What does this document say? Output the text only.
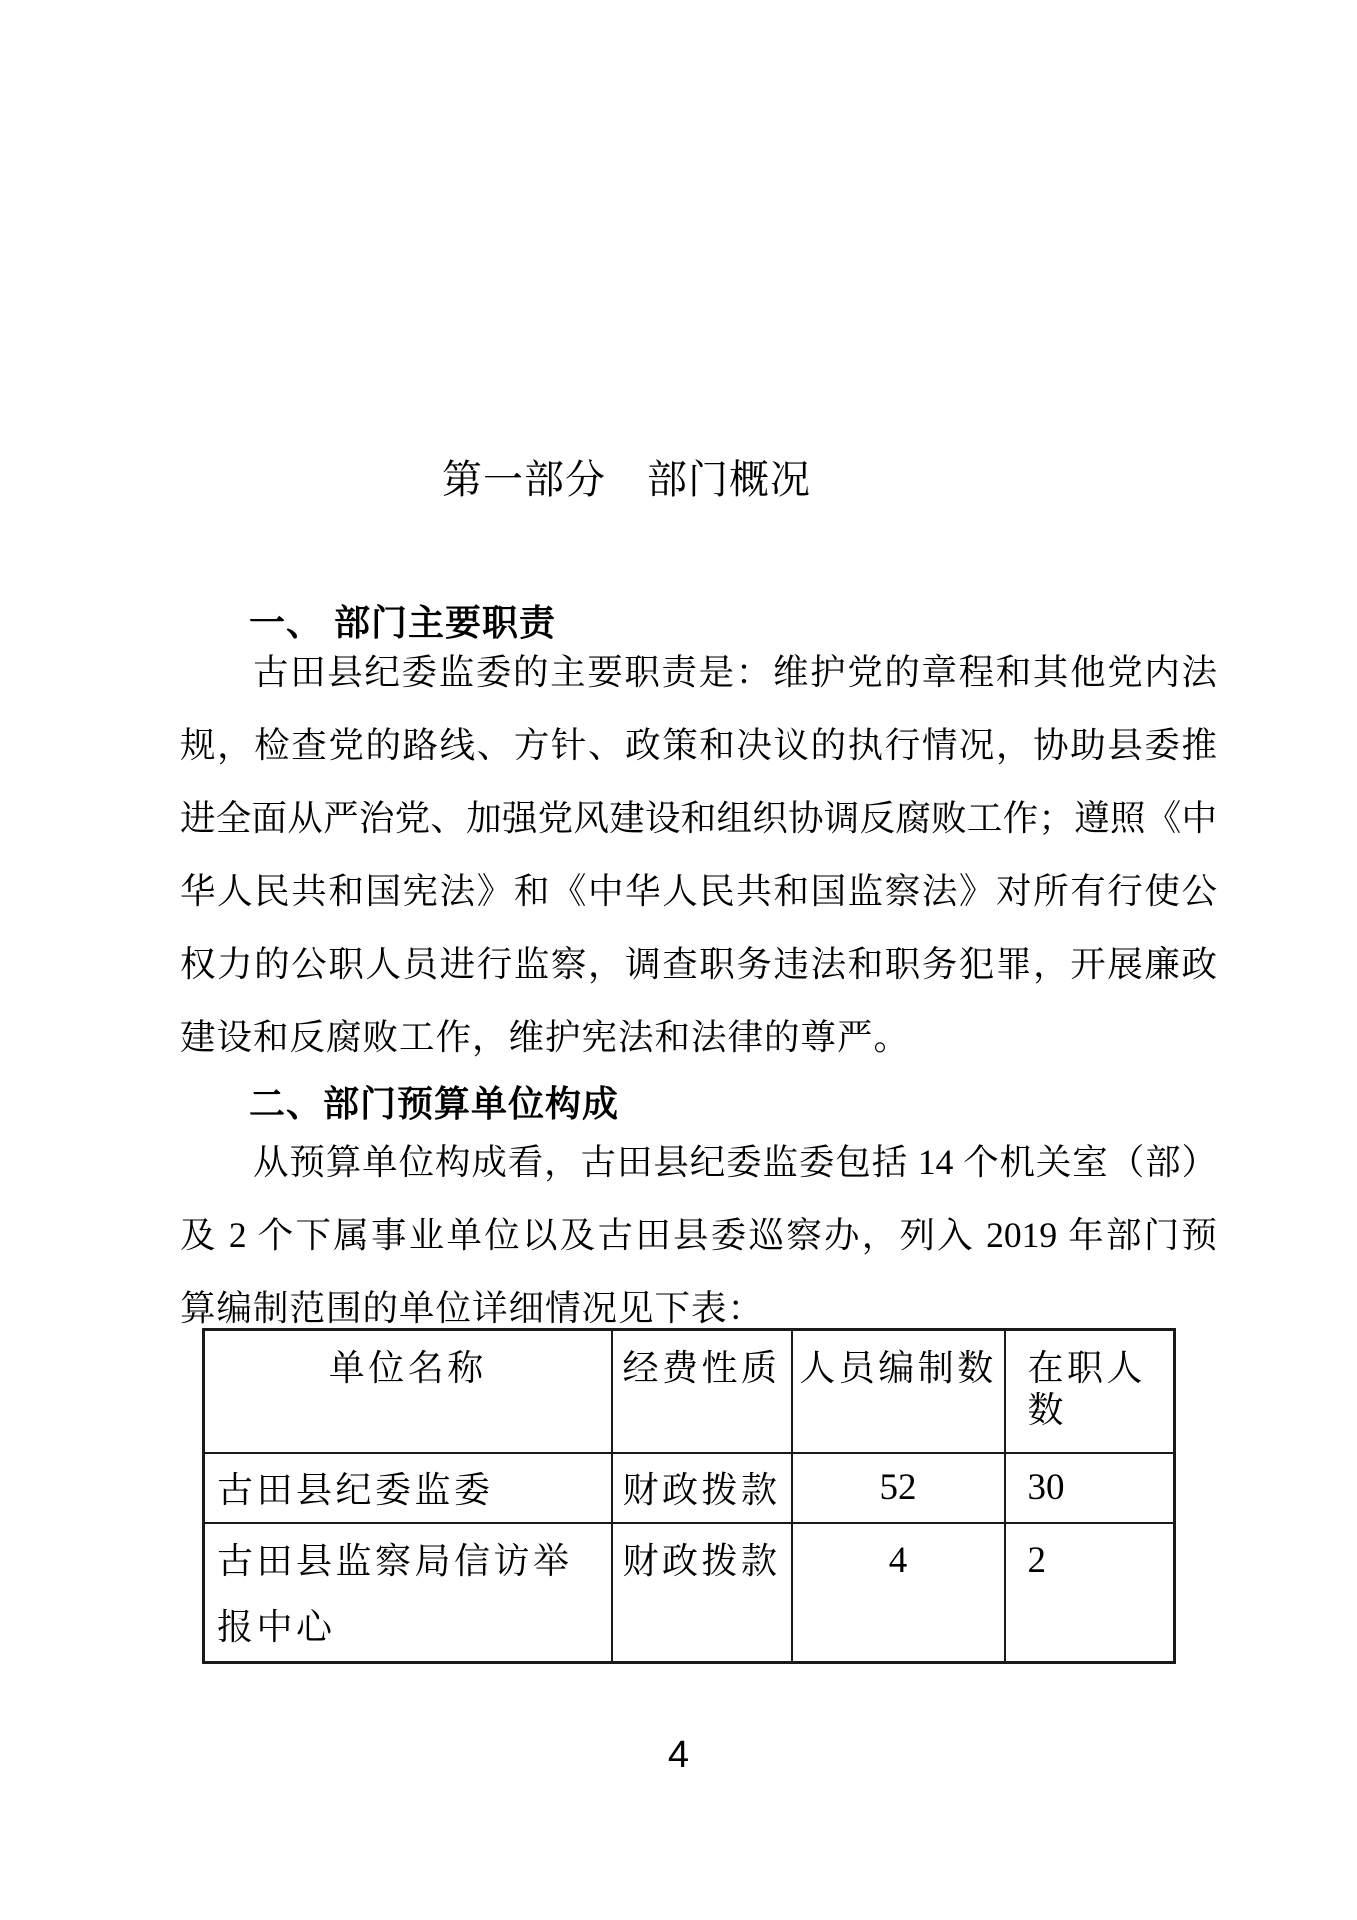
第一部分　部门概况
一、 部门主要职责
古田县纪委监委的主要职责是：维护党的章程和其他党内法
规，检查党的路线、方针、政策和决议的执行情况，协助县委推
进全面从严治党、加强党风建设和组织协调反腐败工作；遵照《中
华人民共和国宪法》和《中华人民共和国监察法》对所有行使公
权力的公职人员进行监察，调查职务违法和职务犯罪，开展廉政
建设和反腐败工作，维护宪法和法律的尊严。
二、部门预算单位构成
从预算单位构成看，古田县纪委监委包括 14 个机关室（部）
及 2 个下属事业单位以及古田县委巡察办，列入 2019 年部门预
算编制范围的单位详细情况见下表：
单位名称	经费性质	人员编制数	在职人数
古田县纪委监委	财政拨款	52	30
古田县监察局信访举报中心	财政拨款	4	2
4
